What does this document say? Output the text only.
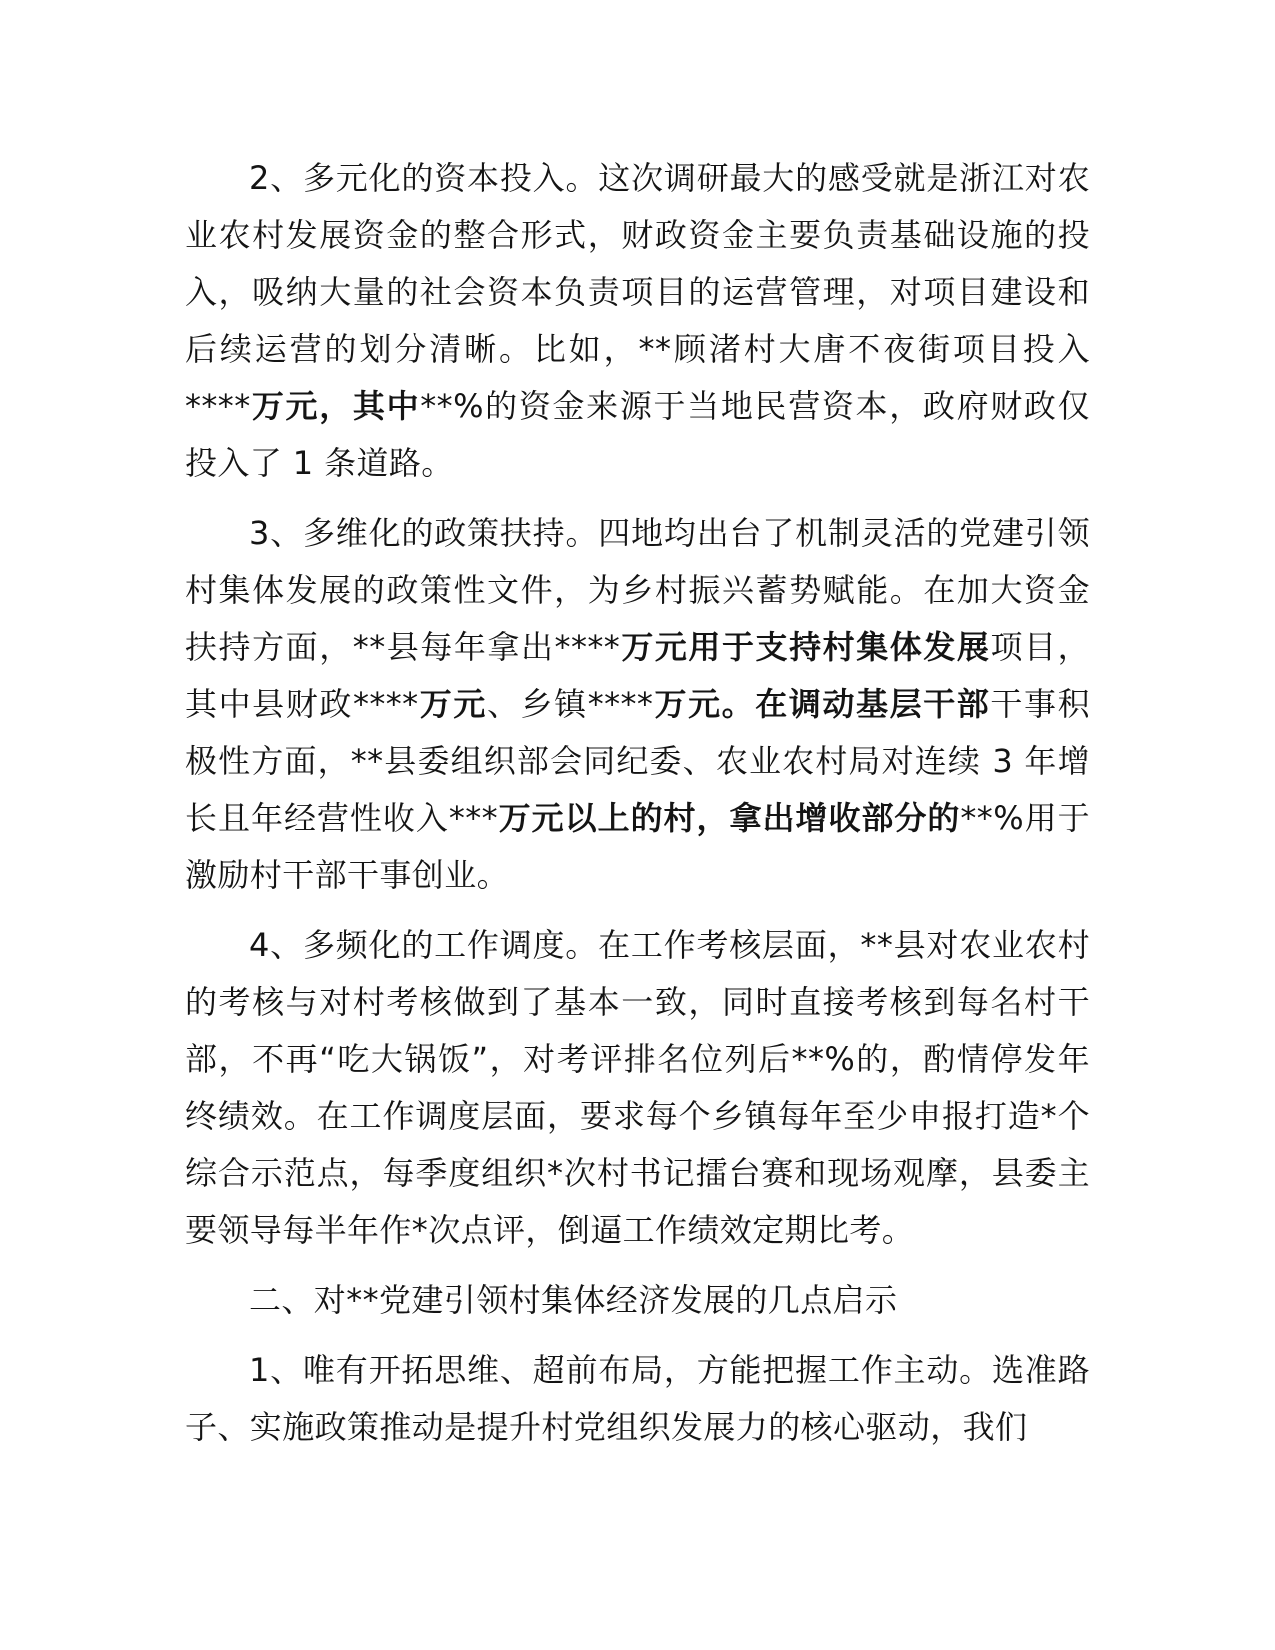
2、多元化的资本投入。这次调研最大的感受就是浙江对农业农村发展资金的整合形式，财政资金主要负责基础设施的投入，吸纳大量的社会资本负责项目的运营管理，对项目建设和后续运营的划分清晰。比如，**顾渚村大唐不夜街项目投入****万元，其中**%的资金来源于当地民营资本，政府财政仅投入了 1 条道路。

3、多维化的政策扶持。四地均出台了机制灵活的党建引领村集体发展的政策性文件，为乡村振兴蓄势赋能。在加大资金扶持方面，**县每年拿出****万元用于支持村集体发展项目，其中县财政****万元、乡镇****万元。在调动基层干部干事积极性方面，**县委组织部会同纪委、农业农村局对连续 3 年增长且年经营性收入***万元以上的村，拿出增收部分的**%用于激励村干部干事创业。

4、多频化的工作调度。在工作考核层面，**县对农业农村的考核与对村考核做到了基本一致，同时直接考核到每名村干部，不再“吃大锅饭”，对考评排名位列后**%的，酌情停发年终绩效。在工作调度层面，要求每个乡镇每年至少申报打造*个综合示范点，每季度组织*次村书记擂台赛和现场观摩，县委主要领导每半年作*次点评，倒逼工作绩效定期比考。

二、对**党建引领村集体经济发展的几点启示

1、唯有开拓思维、超前布局，方能把握工作主动。选准路子、实施政策推动是提升村党组织发展力的核心驱动，我们
